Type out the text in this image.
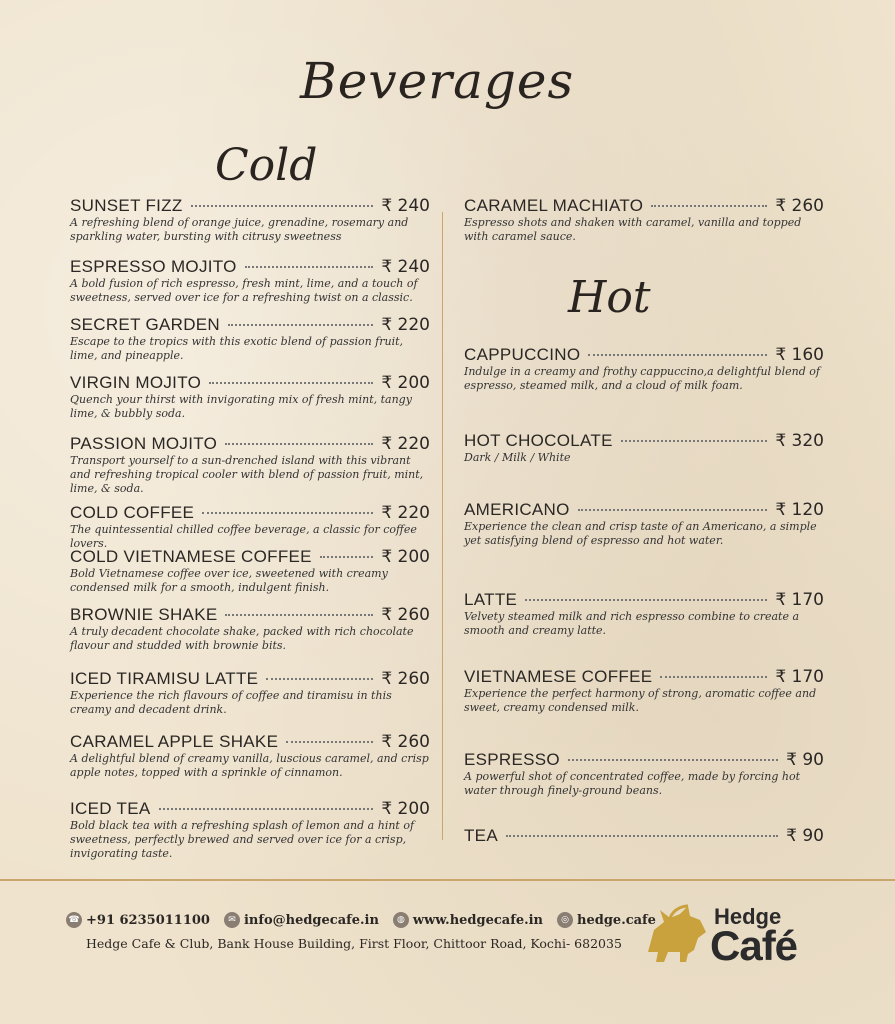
Beverages
Cold
SUNSET FIZZ	₹ 240
A refreshing blend of orange juice, grenadine, rosemary and sparkling water, bursting with citrusy sweetness
ESPRESSO MOJITO	₹ 240
A bold fusion of rich espresso, fresh mint, lime, and a touch of sweetness, served over ice for a refreshing twist on a classic.
SECRET GARDEN	₹ 220
Escape to the tropics with this exotic blend of passion fruit, lime, and pineapple.
VIRGIN MOJITO	₹ 200
Quench your thirst with invigorating mix of fresh mint, tangy lime, & bubbly soda.
PASSION MOJITO	₹ 220
Transport yourself to a sun-drenched island with this vibrant and refreshing tropical cooler with blend of passion fruit, mint, lime, & soda.
COLD COFFEE	₹ 220
The quintessential chilled coffee beverage, a classic for coffee lovers.
COLD VIETNAMESE COFFEE	₹ 200
Bold Vietnamese coffee over ice, sweetened with creamy condensed milk for a smooth, indulgent finish.
BROWNIE SHAKE	₹ 260
A truly decadent chocolate shake, packed with rich chocolate flavour and studded with brownie bits.
ICED TIRAMISU LATTE	₹ 260
Experience the rich flavours of coffee and tiramisu in this creamy and decadent drink.
CARAMEL APPLE SHAKE	₹ 260
A delightful blend of creamy vanilla, luscious caramel, and crisp apple notes, topped with a sprinkle of cinnamon.
ICED TEA	₹ 200
Bold black tea with a refreshing splash of lemon and a hint of sweetness, perfectly brewed and served over ice for a crisp, invigorating taste.
CARAMEL MACHIATO	₹ 260
Espresso shots and shaken with caramel, vanilla and topped with caramel sauce.
Hot
CAPPUCCINO	₹ 160
Indulge in a creamy and frothy cappuccino,a delightful blend of espresso, steamed milk, and a cloud of milk foam.
HOT CHOCOLATE	₹ 320
Dark / Milk / White
AMERICANO	₹ 120
Experience the clean and crisp taste of an Americano, a simple yet satisfying blend of espresso and hot water.
LATTE	₹ 170
Velvety steamed milk and rich espresso combine to create a smooth and creamy latte.
VIETNAMESE COFFEE	₹ 170
Experience the perfect harmony of strong, aromatic coffee and sweet, creamy condensed milk.
ESPRESSO	₹ 90
A powerful shot of concentrated coffee, made by forcing hot water through finely-ground beans.
TEA	₹ 90
☎ +91 6235011100	✉ info@hedgecafe.in	◍ www.hedgecafe.in	◎ hedge.cafe
Hedge Cafe & Club, Bank House Building, First Floor, Chittoor Road, Kochi- 682035
Hedge
Café
